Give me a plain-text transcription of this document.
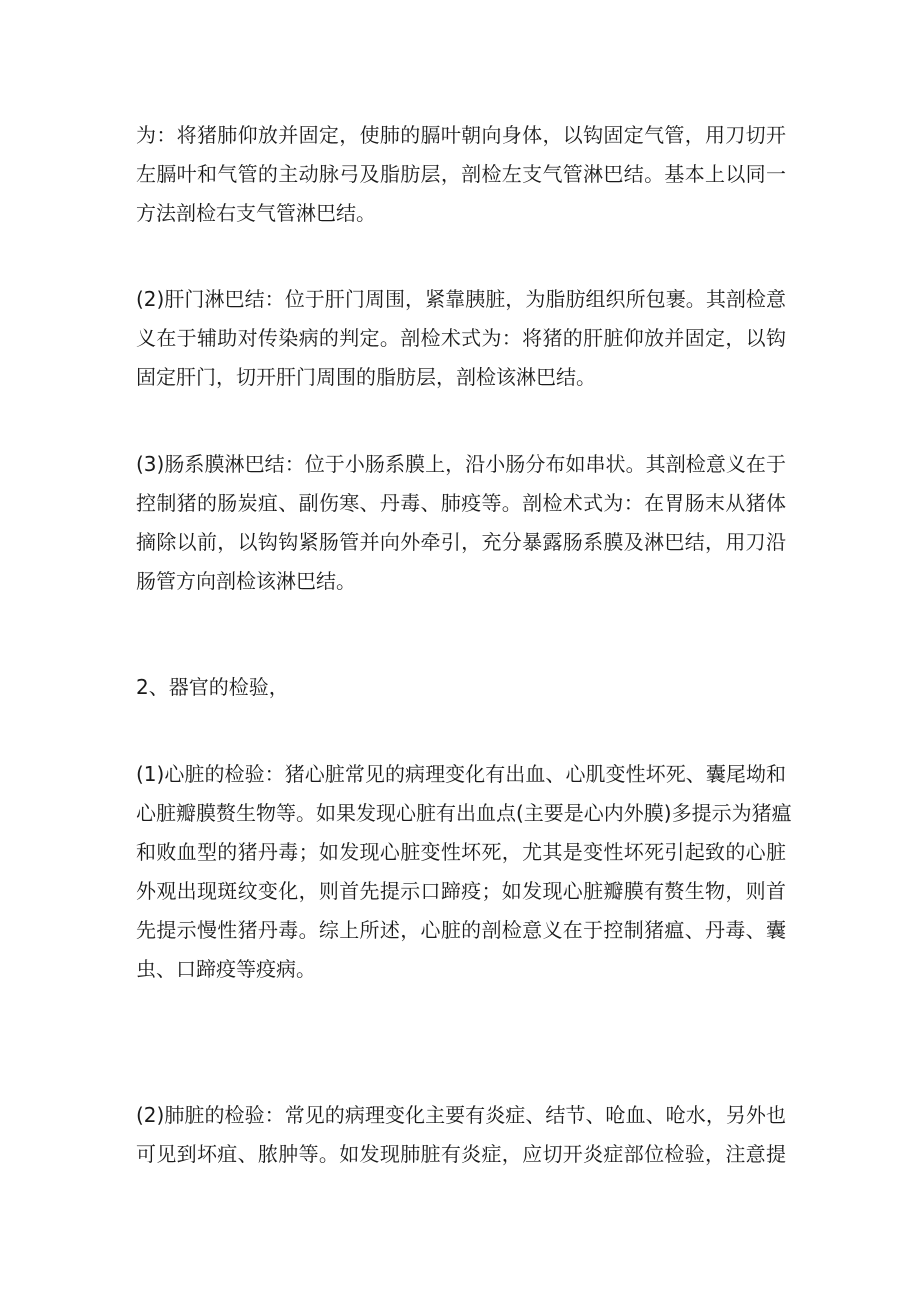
为：将猪肺仰放并固定，使肺的膈叶朝向身体，以钩固定气管，用刀切开
左膈叶和气管的主动脉弓及脂肪层，剖检左支气管淋巴结。基本上以同一
方法剖检右支气管淋巴结。
(2)肝门淋巴结：位于肝门周围，紧靠胰脏，为脂肪组织所包裹。其剖检意
义在于辅助对传染病的判定。剖检术式为：将猪的肝脏仰放并固定，以钩
固定肝门，切开肝门周围的脂肪层，剖检该淋巴结。
(3)肠系膜淋巴结：位于小肠系膜上，沿小肠分布如串状。其剖检意义在于
控制猪的肠炭疽、副伤寒、丹毒、肺疫等。剖检术式为：在胃肠末从猪体
摘除以前，以钩钩紧肠管并向外牵引，充分暴露肠系膜及淋巴结，用刀沿
肠管方向剖检该淋巴结。
2、器官的检验，
(1)心脏的检验：猪心脏常见的病理变化有出血、心肌变性坏死、囊尾坳和
心脏瓣膜赘生物等。如果发现心脏有出血点(主要是心内外膜)多提示为猪瘟
和败血型的猪丹毒；如发现心脏变性坏死，尤其是变性坏死引起致的心脏
外观出现斑纹变化，则首先提示口蹄疫；如发现心脏瓣膜有赘生物，则首
先提示慢性猪丹毒。综上所述，心脏的剖检意义在于控制猪瘟、丹毒、囊
虫、口蹄疫等疫病。
(2)肺脏的检验：常见的病理变化主要有炎症、结节、呛血、呛水，另外也
可见到坏疽、脓肿等。如发现肺脏有炎症，应切开炎症部位检验，注意提
